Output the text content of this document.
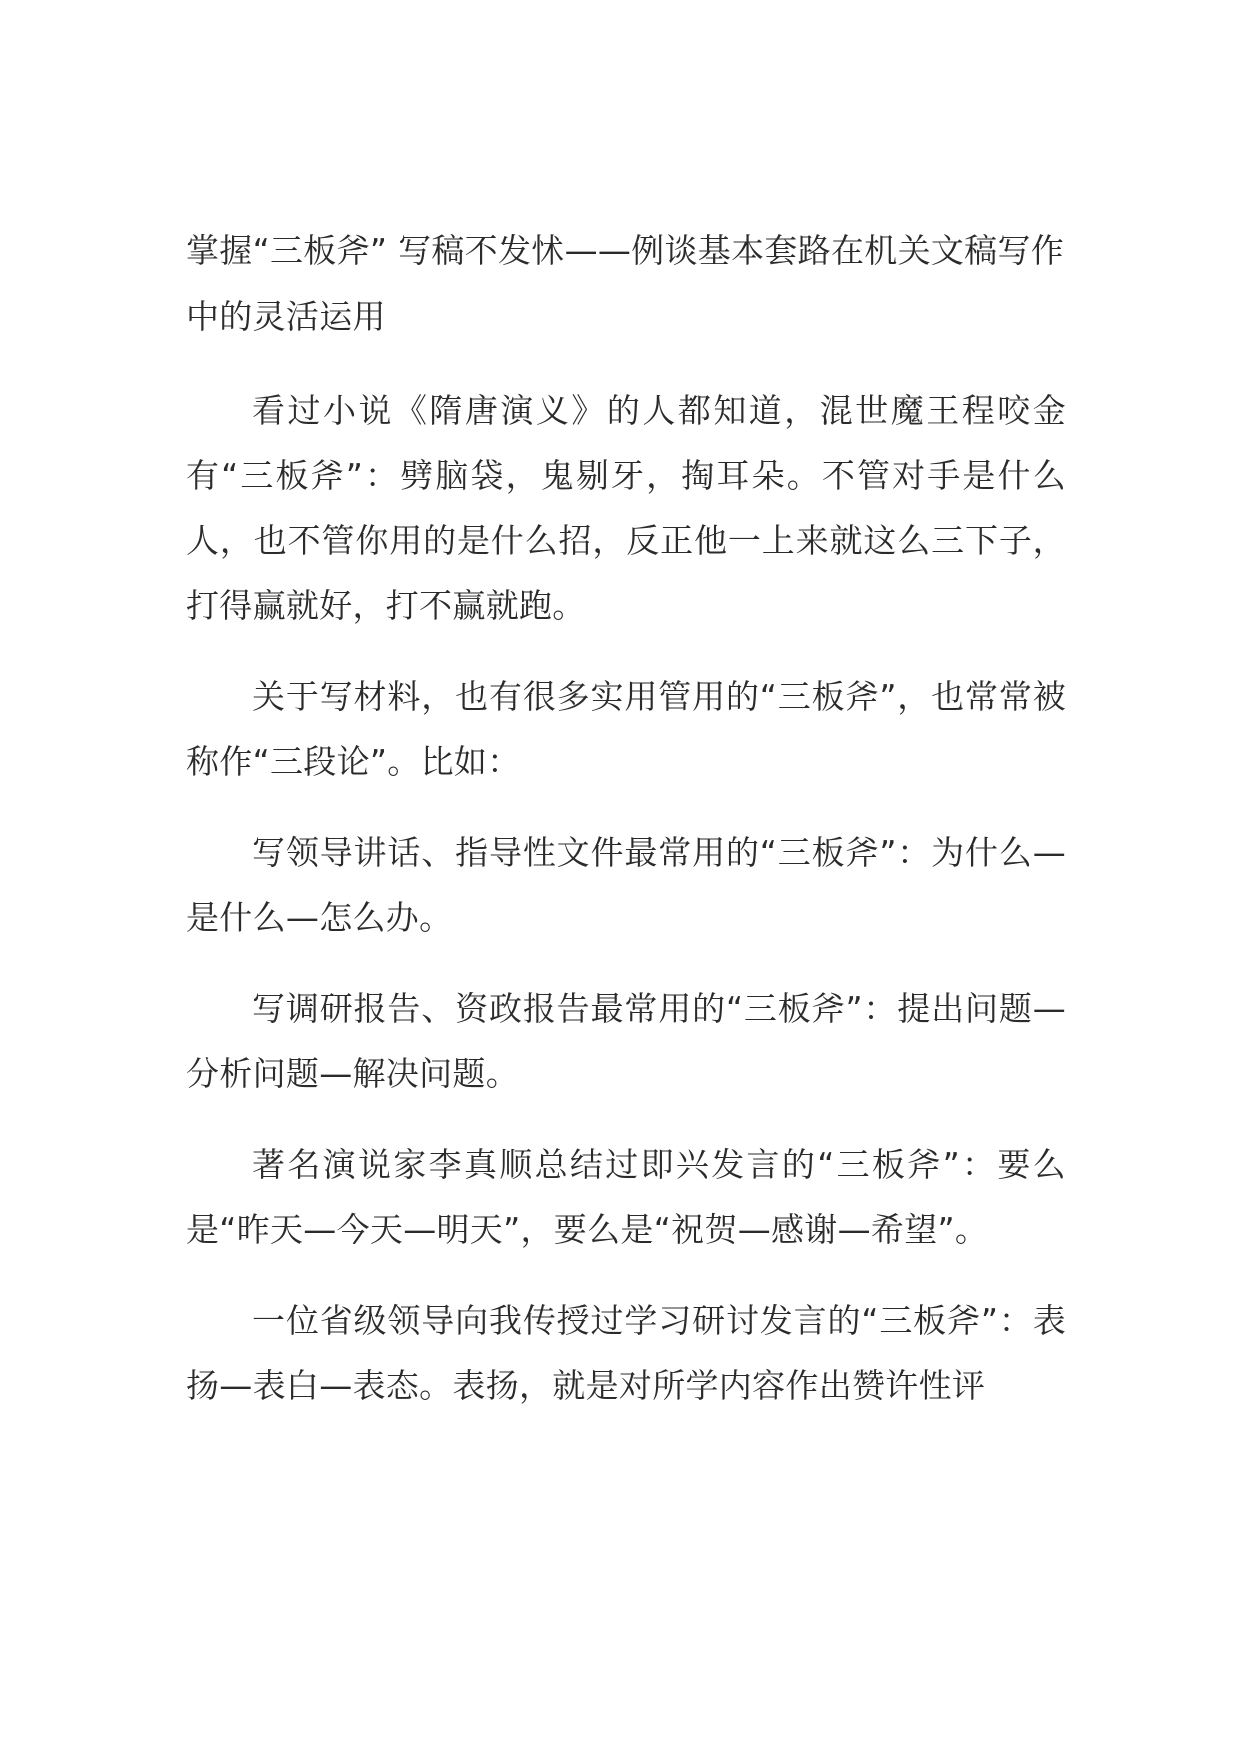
掌握“三板斧” 写稿不发怵——例谈基本套路在机关文稿写作中的灵活运用

看过小说《隋唐演义》的人都知道，混世魔王程咬金有“三板斧”：劈脑袋，鬼剔牙，掏耳朵。不管对手是什么人，也不管你用的是什么招，反正他一上来就这么三下子，打得赢就好，打不赢就跑。

关于写材料，也有很多实用管用的“三板斧”，也常常被称作“三段论”。比如：

写领导讲话、指导性文件最常用的“三板斧”：为什么—是什么—怎么办。

写调研报告、资政报告最常用的“三板斧”：提出问题—分析问题—解决问题。

著名演说家李真顺总结过即兴发言的“三板斧”：要么是“昨天—今天—明天”，要么是“祝贺—感谢—希望”。

一位省级领导向我传授过学习研讨发言的“三板斧”：表扬—表白—表态。表扬，就是对所学内容作出赞许性评
